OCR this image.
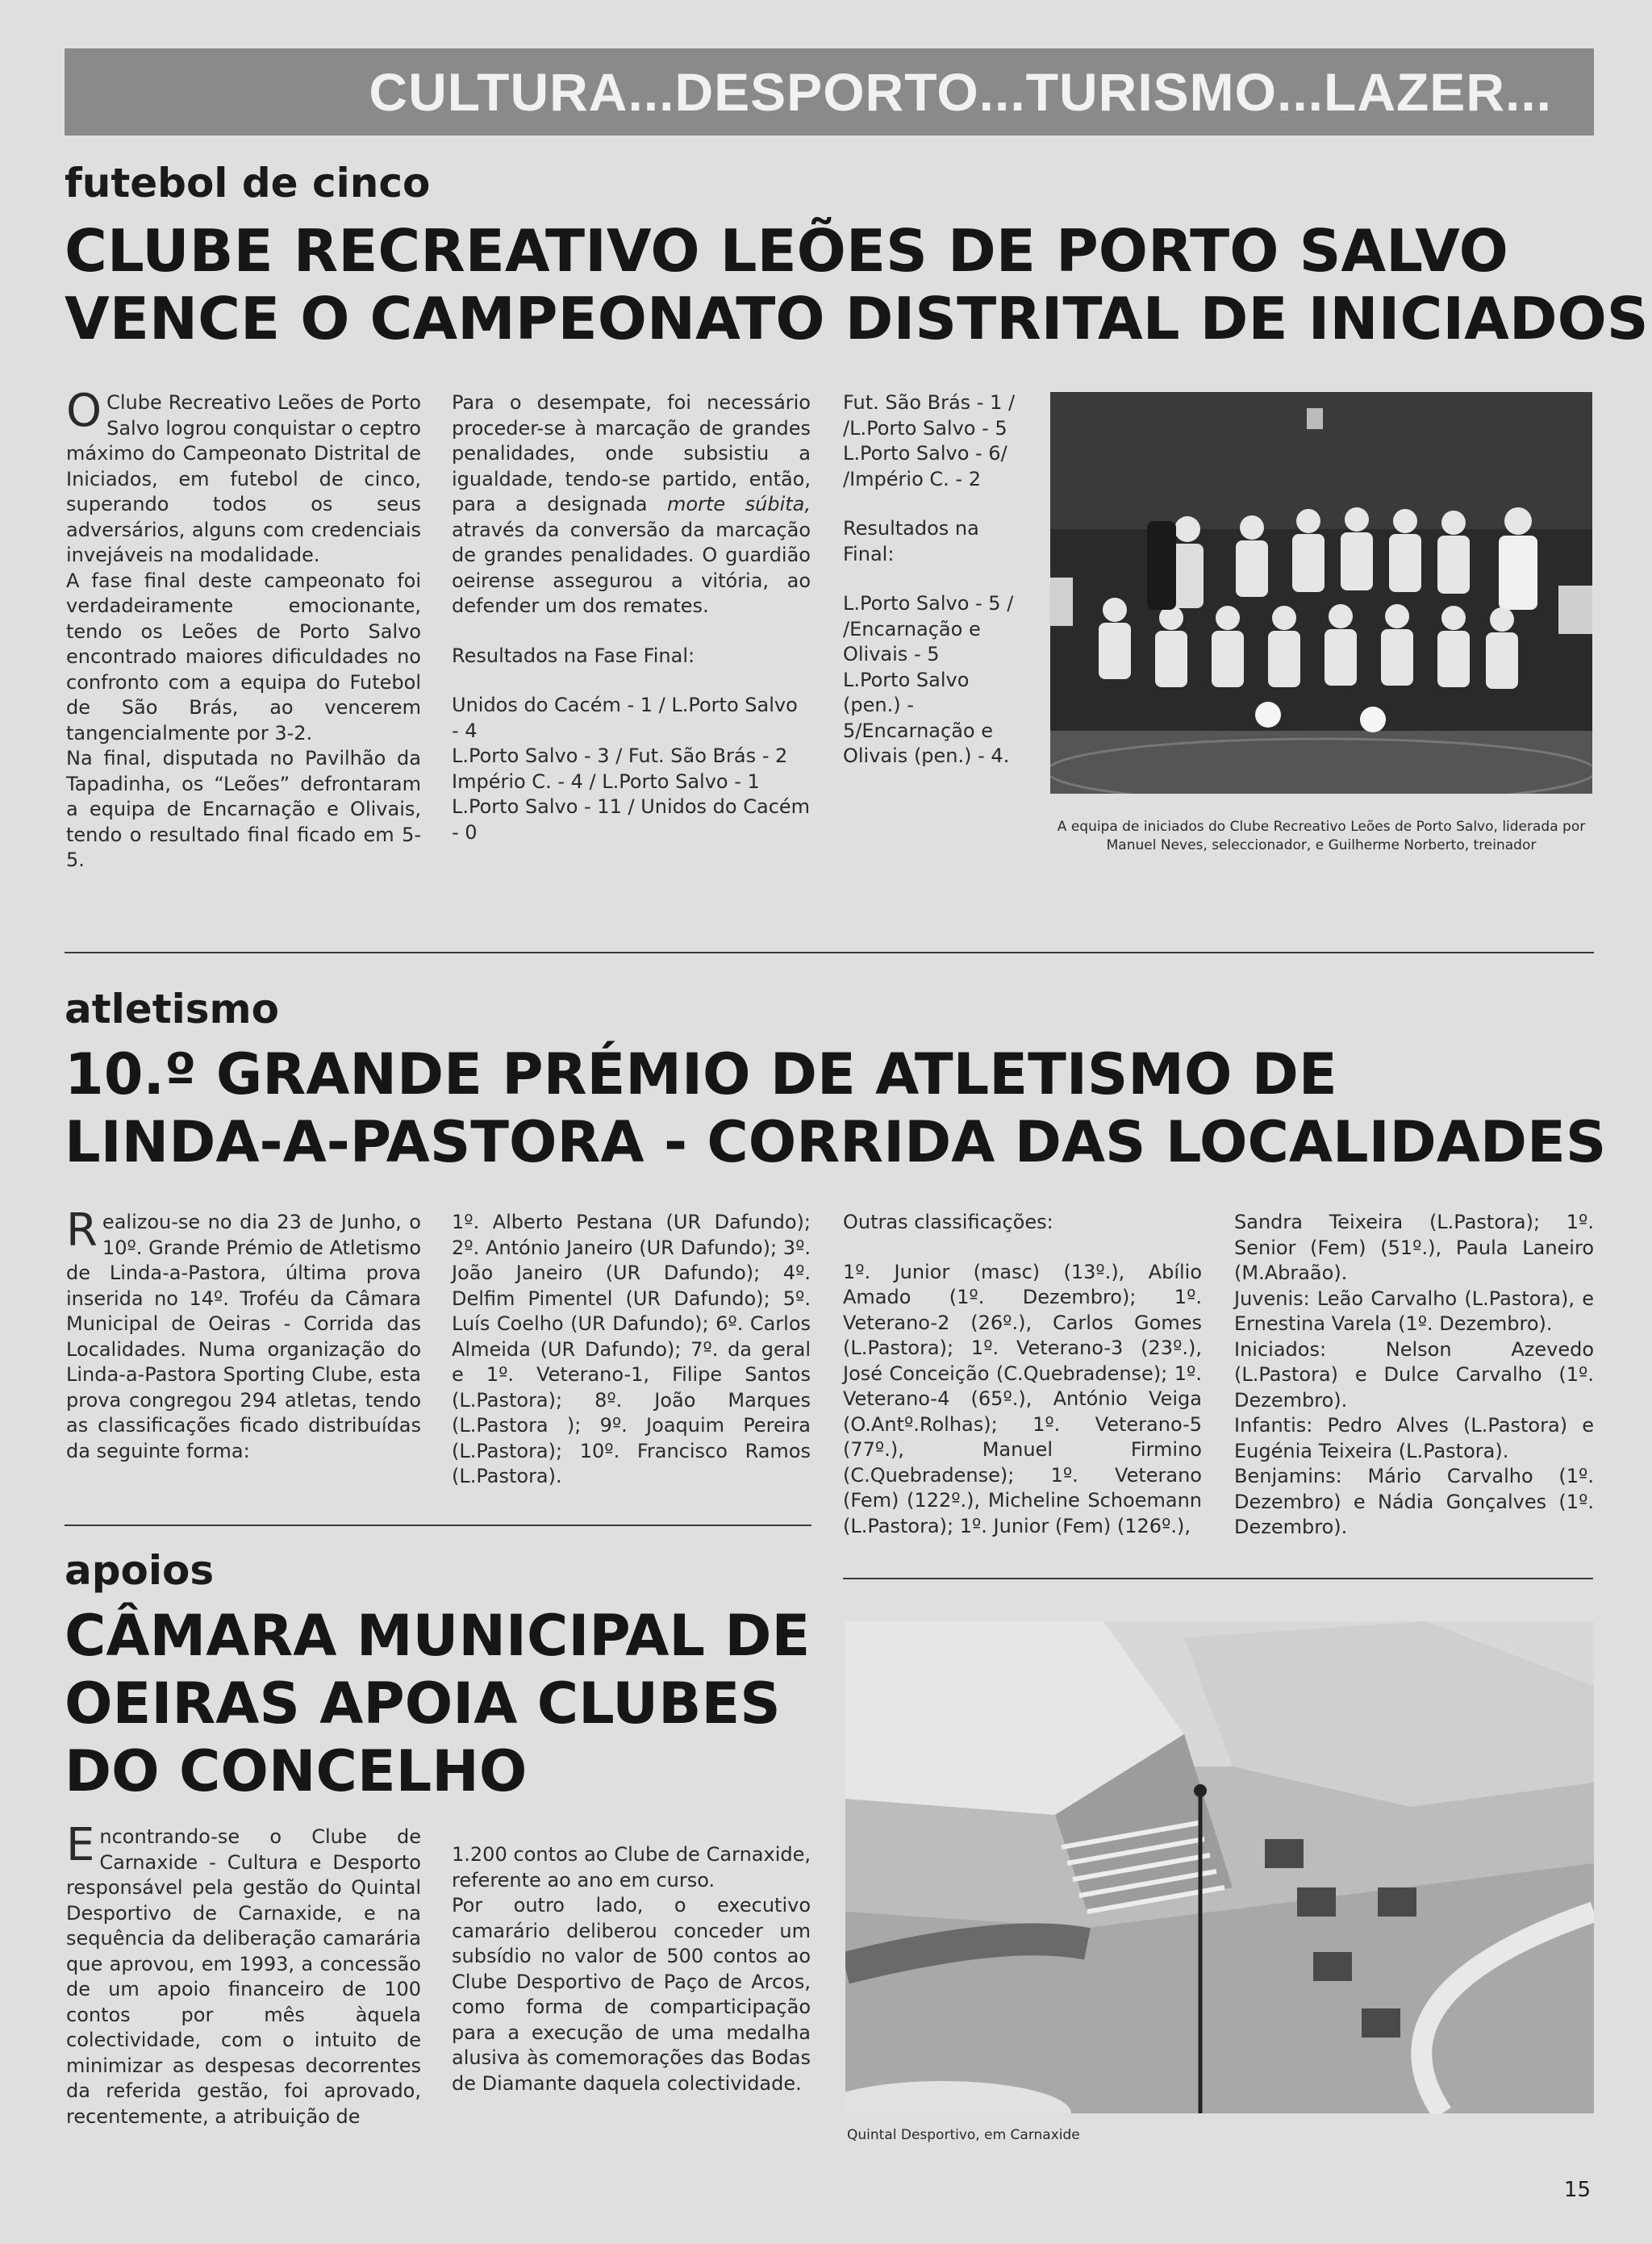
CULTURA...DESPORTO...TURISMO...LAZER...
futebol de cinco
CLUBE RECREATIVO LEÕES DE PORTO SALVO
VENCE O CAMPEONATO DISTRITAL DE INICIADOS

O Clube Recreativo Leões de Porto Salvo logrou conquistar o ceptro máximo do Campeonato Distrital de Iniciados, em futebol de cinco, superando todos os seus adversários, alguns com credenciais invejáveis na modalidade.

A fase final deste campeonato foi verdadeiramente emocionante, tendo os Leões de Porto Salvo encontrado maiores dificuldades no confronto com a equipa do Futebol de São Brás, ao vencerem tangencialmente por 3-2.

Na final, disputada no Pavilhão da Tapadinha, os “Leões” defrontaram a equipa de Encarnação e Olivais, tendo o resultado final ficado em 5-5.

Para o desempate, foi necessário proceder-se à marcação de grandes penalidades, onde subsistiu a igualdade, tendo-se partido, então, para a designada morte súbita, através da conversão da marcação de grandes penalidades. O guardião oeirense assegurou a vitória, ao defender um dos remates.

Resultados na Fase Final:

Unidos do Cacém - 1 / L.Porto Salvo - 4
L.Porto Salvo - 3 / Fut. São Brás - 2
Império C. - 4 / L.Porto Salvo - 1
L.Porto Salvo - 11 / Unidos do Cacém - 0

Fut. São Brás - 1 / /L.Porto Salvo - 5
L.Porto Salvo - 6/ /Império C. - 2

Resultados na Final:

L.Porto Salvo - 5 / /Encarnação e Olivais - 5
L.Porto Salvo (pen.) - 5/Encarnação e Olivais (pen.) - 4.

A equipa de iniciados do Clube Recreativo Leões de Porto Salvo, liderada por Manuel Neves, seleccionador, e Guilherme Norberto, treinador
atletismo
10.º GRANDE PRÉMIO DE ATLETISMO DE
LINDA-A-PASTORA - CORRIDA DAS LOCALIDADES

Realizou-se no dia 23 de Junho, o 10º. Grande Prémio de Atletismo de Linda-a-Pastora, última prova inserida no 14º. Troféu da Câmara Municipal de Oeiras - Corrida das Localidades. Numa organização do Linda-a-Pastora Sporting Clube, esta prova congregou 294 atletas, tendo as classificações ficado distribuídas da seguinte forma:

1º. Alberto Pestana (UR Dafundo); 2º. António Janeiro (UR Dafundo); 3º. João Janeiro (UR Dafundo); 4º. Delfim Pimentel (UR Dafundo); 5º. Luís Coelho (UR Dafundo); 6º. Carlos Almeida (UR Dafundo); 7º. da geral e 1º. Veterano-1, Filipe Santos (L.Pastora); 8º. João Marques (L.Pastora ); 9º. Joaquim Pereira (L.Pastora); 10º. Francisco Ramos (L.Pastora).

Outras classificações:

1º. Junior (masc) (13º.), Abílio Amado (1º. Dezembro); 1º. Veterano-2 (26º.), Carlos Gomes (L.Pastora); 1º. Veterano-3 (23º.), José Conceição (C.Quebradense); 1º. Veterano-4 (65º.), António Veiga (O.Antº.Rolhas); 1º. Veterano-5 (77º.), Manuel Firmino (C.Quebradense); 1º. Veterano (Fem) (122º.), Micheline Schoemann (L.Pastora); 1º. Junior (Fem) (126º.),

Sandra Teixeira (L.Pastora); 1º. Senior (Fem) (51º.), Paula Laneiro (M.Abraão).
Juvenis: Leão Carvalho (L.Pastora), e Ernestina Varela (1º. Dezembro).
Iniciados: Nelson Azevedo (L.Pastora) e Dulce Carvalho (1º. Dezembro).
Infantis: Pedro Alves (L.Pastora) e Eugénia Teixeira (L.Pastora).
Benjamins: Mário Carvalho (1º. Dezembro) e Nádia Gonçalves (1º. Dezembro).

apoios
CÂMARA MUNICIPAL DE
OEIRAS APOIA CLUBES
DO CONCELHO

Encontrando-se o Clube de Carnaxide - Cultura e Desporto responsável pela gestão do Quintal Desportivo de Carnaxide, e na sequência da deliberação camarária que aprovou, em 1993, a concessão de um apoio financeiro de 100 contos por mês àquela colectividade, com o intuito de minimizar as despesas decorrentes da referida gestão, foi aprovado, recentemente, a atribuição de

1.200 contos ao Clube de Carnaxide, referente ao ano em curso.
Por outro lado, o executivo camarário deliberou conceder um subsídio no valor de 500 contos ao Clube Desportivo de Paço de Arcos, como forma de comparticipação para a execução de uma medalha alusiva às comemorações das Bodas de Diamante daquela colectividade.

Quintal Desportivo, em Carnaxide
15
